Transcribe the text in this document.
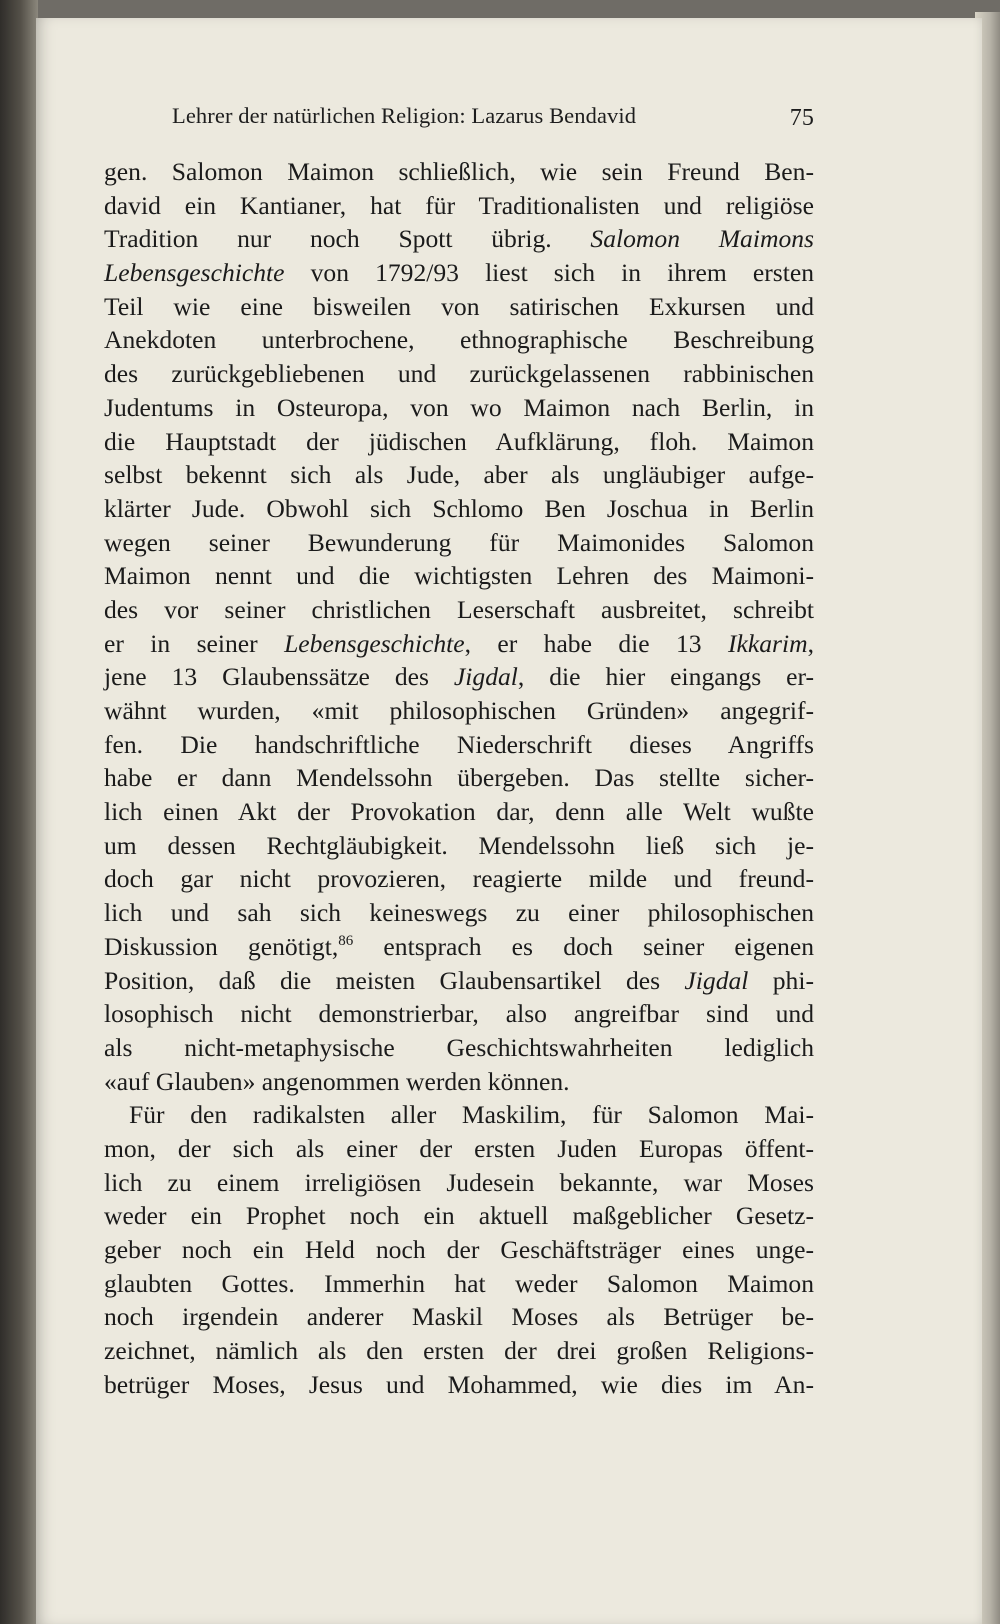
Lehrer der natürlichen Religion: Lazarus Bendavid	75
gen. Salomon Maimon schließlich, wie sein Freund Ben-
david ein Kantianer, hat für Traditionalisten und religiöse
Tradition nur noch Spott übrig. Salomon Maimons
Lebensgeschichte von 1792/93 liest sich in ihrem ersten
Teil wie eine bisweilen von satirischen Exkursen und
Anekdoten unterbrochene, ethnographische Beschreibung
des zurückgebliebenen und zurückgelassenen rabbinischen
Judentums in Osteuropa, von wo Maimon nach Berlin, in
die Hauptstadt der jüdischen Aufklärung, floh. Maimon
selbst bekennt sich als Jude, aber als ungläubiger aufge-
klärter Jude. Obwohl sich Schlomo Ben Joschua in Berlin
wegen seiner Bewunderung für Maimonides Salomon
Maimon nennt und die wichtigsten Lehren des Maimoni-
des vor seiner christlichen Leserschaft ausbreitet, schreibt
er in seiner Lebensgeschichte, er habe die 13 Ikkarim,
jene 13 Glaubenssätze des Jigdal, die hier eingangs er-
wähnt wurden, «mit philosophischen Gründen» angegrif-
fen. Die handschriftliche Niederschrift dieses Angriffs
habe er dann Mendelssohn übergeben. Das stellte sicher-
lich einen Akt der Provokation dar, denn alle Welt wußte
um dessen Rechtgläubigkeit. Mendelssohn ließ sich je-
doch gar nicht provozieren, reagierte milde und freund-
lich und sah sich keineswegs zu einer philosophischen
Diskussion genötigt,$^{86}$ entsprach es doch seiner eigenen
Position, daß die meisten Glaubensartikel des Jigdal phi-
losophisch nicht demonstrierbar, also angreifbar sind und
als nicht-metaphysische Geschichtswahrheiten lediglich
«auf Glauben» angenommen werden können.
Für den radikalsten aller Maskilim, für Salomon Mai-
mon, der sich als einer der ersten Juden Europas öffent-
lich zu einem irreligiösen Judesein bekannte, war Moses
weder ein Prophet noch ein aktuell maßgeblicher Gesetz-
geber noch ein Held noch der Geschäftsträger eines unge-
glaubten Gottes. Immerhin hat weder Salomon Maimon
noch irgendein anderer Maskil Moses als Betrüger be-
zeichnet, nämlich als den ersten der drei großen Religions-
betrüger Moses, Jesus und Mohammed, wie dies im An-
